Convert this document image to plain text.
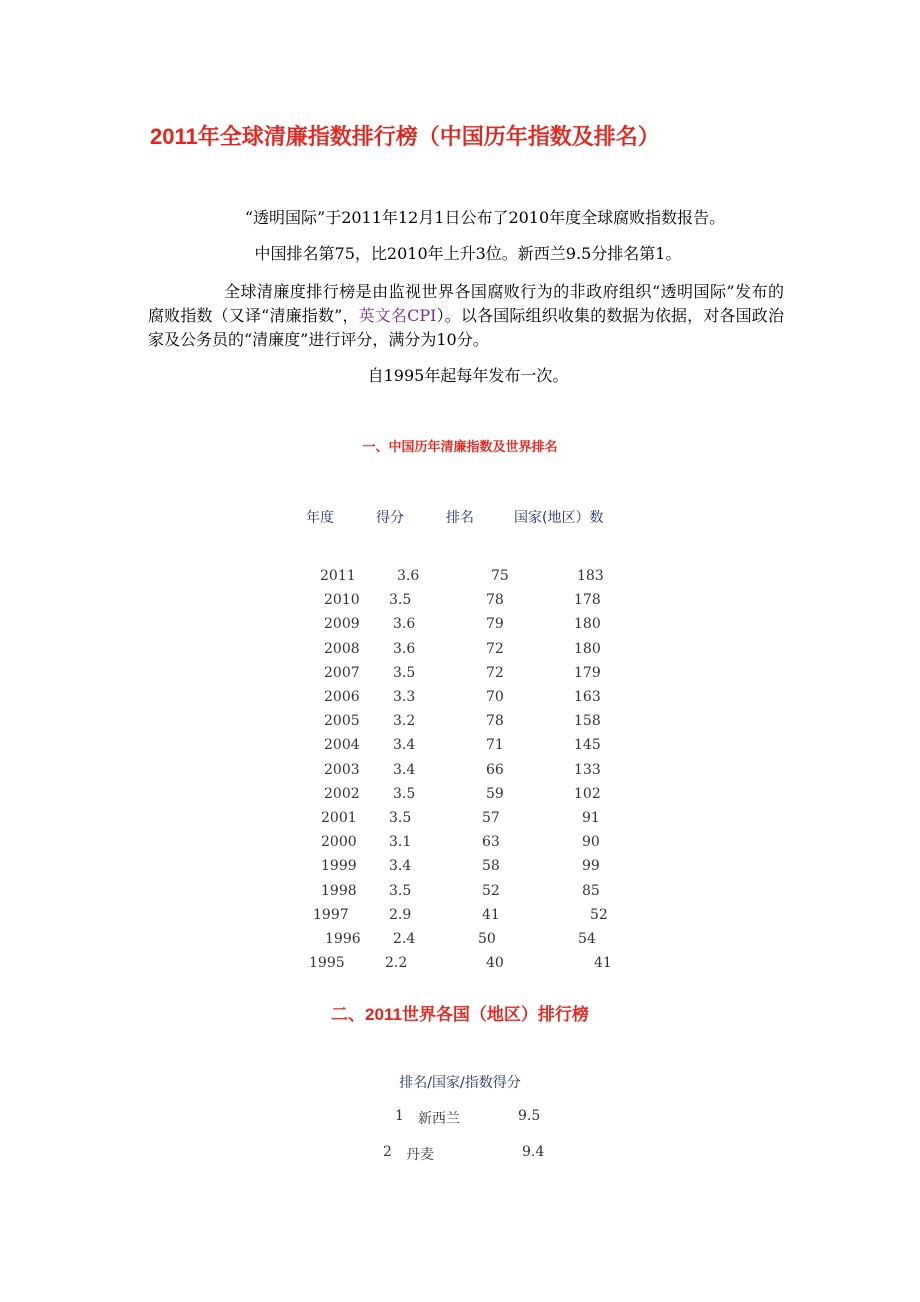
2011年全球清廉指数排行榜（中国历年指数及排名）
“透明国际”于2011年12月1日公布了2010年度全球腐败指数报告。
中国排名第75，比2010年上升3位。新西兰9.5分排名第1。
全球清廉度排行榜是由监视世界各国腐败行为的非政府组织“透明国际”发布的腐败指数（又译“清廉指数”，英文名CPI）。以各国际组织收集的数据为依据，对各国政治家及公务员的“清廉度”进行评分，满分为10分。
自1995年起每年发布一次。
一、中国历年清廉指数及世界排名
年度	得分	排名	国家(地区）数
2011	3.6	75	183
2010 3.5	78	178
2009 3.6	79	180
2008 3.6	72	180
2007 3.5	72	179
2006 3.3	70	163
2005 3.2	78	158
2004 3.4	71	145
2003 3.4	66	133
2002 3.5	59	102
2001 3.5	57	91
2000 3.1	63	90
1999 3.4	58	99
1998 3.5	52	85
1997	2.9	41	52
1996 2.4	50	54
1995	2.2	40	41
二、2011世界各国（地区）排行榜
排名/国家/指数得分
1 新西兰	9.5
2 丹麦	9.4
